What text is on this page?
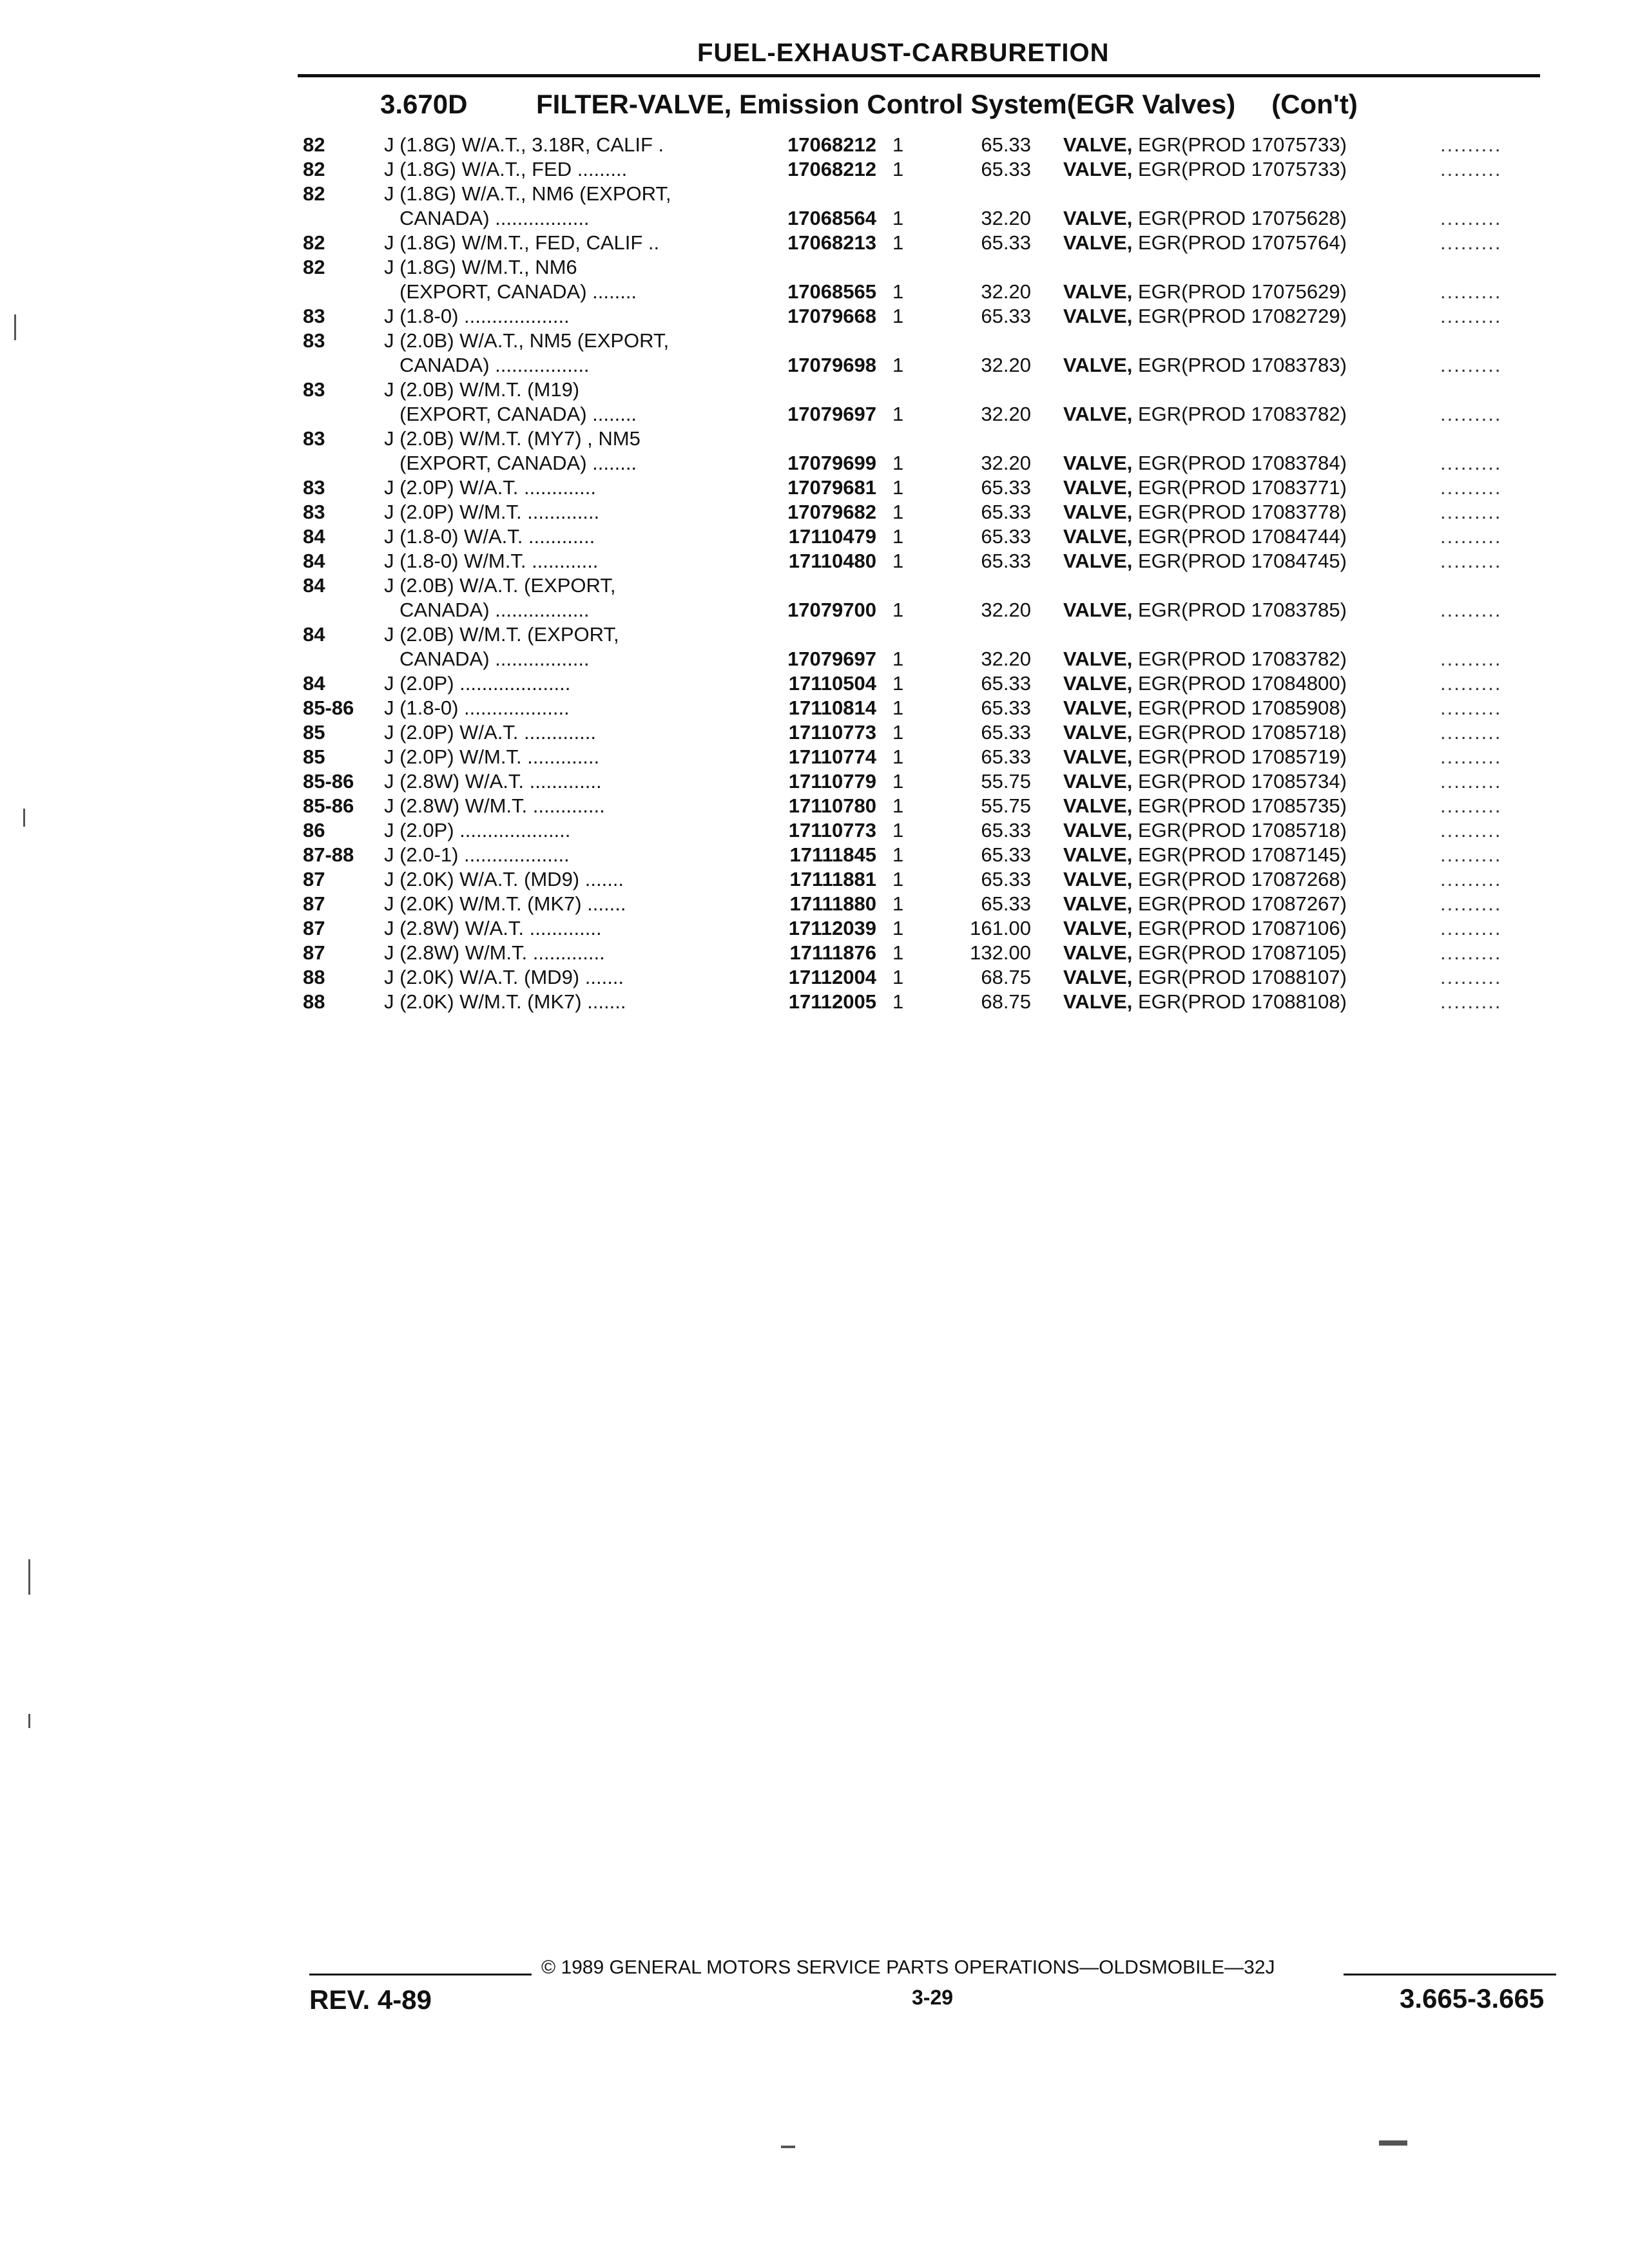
FUEL-EXHAUST-CARBURETION
3.670D	FILTER-VALVE, Emission Control System(EGR Valves) (Con't)
82	J (1.8G) W/A.T., 3.18R, CALIF .	17068212 1	65.33 VALVE, EGR(PROD 17075733)	.........
82	J (1.8G) W/A.T., FED .........	17068212 1	65.33 VALVE, EGR(PROD 17075733)	.........
82	J (1.8G) W/A.T., NM6 (EXPORT,
CANADA) .................	17068564 1	32.20 VALVE, EGR(PROD 17075628)	.........
82	J (1.8G) W/M.T., FED, CALIF ..	17068213 1	65.33 VALVE, EGR(PROD 17075764)	.........
82	J (1.8G) W/M.T., NM6
(EXPORT, CANADA) ........	17068565 1	32.20 VALVE, EGR(PROD 17075629)	.........
83	J (1.8-0) ...................	17079668 1	65.33 VALVE, EGR(PROD 17082729)	.........
83	J (2.0B) W/A.T., NM5 (EXPORT,
CANADA) .................	17079698 1	32.20 VALVE, EGR(PROD 17083783)	.........
83	J (2.0B) W/M.T. (M19)
(EXPORT, CANADA) ........	17079697 1	32.20 VALVE, EGR(PROD 17083782)	.........
83	J (2.0B) W/M.T. (MY7) , NM5
(EXPORT, CANADA) ........	17079699 1	32.20 VALVE, EGR(PROD 17083784)	.........
83	J (2.0P) W/A.T. .............	17079681 1	65.33 VALVE, EGR(PROD 17083771)	.........
83	J (2.0P) W/M.T. .............	17079682 1	65.33 VALVE, EGR(PROD 17083778)	.........
84	J (1.8-0) W/A.T. ............	17110479 1	65.33 VALVE, EGR(PROD 17084744)	.........
84	J (1.8-0) W/M.T. ............	17110480 1	65.33 VALVE, EGR(PROD 17084745)	.........
84	J (2.0B) W/A.T. (EXPORT,
CANADA) .................	17079700 1	32.20 VALVE, EGR(PROD 17083785)	.........
84	J (2.0B) W/M.T. (EXPORT,
CANADA) .................	17079697 1	32.20 VALVE, EGR(PROD 17083782)	.........
84	J (2.0P) ....................	17110504 1	65.33 VALVE, EGR(PROD 17084800)	.........
85-86	J (1.8-0) ...................	17110814 1	65.33 VALVE, EGR(PROD 17085908)	.........
85	J (2.0P) W/A.T. .............	17110773 1	65.33 VALVE, EGR(PROD 17085718)	.........
85	J (2.0P) W/M.T. .............	17110774 1	65.33 VALVE, EGR(PROD 17085719)	.........
85-86	J (2.8W) W/A.T. .............	17110779 1	55.75 VALVE, EGR(PROD 17085734)	.........
85-86	J (2.8W) W/M.T. .............	17110780 1	55.75 VALVE, EGR(PROD 17085735)	.........
86	J (2.0P) ....................	17110773 1	65.33 VALVE, EGR(PROD 17085718)	.........
87-88	J (2.0-1) ...................	17111845 1	65.33 VALVE, EGR(PROD 17087145)	.........
87	J (2.0K) W/A.T. (MD9) .......	17111881 1	65.33 VALVE, EGR(PROD 17087268)	.........
87	J (2.0K) W/M.T. (MK7) .......	17111880 1	65.33 VALVE, EGR(PROD 17087267)	.........
87	J (2.8W) W/A.T. .............	17112039 1	161.00 VALVE, EGR(PROD 17087106)	.........
87	J (2.8W) W/M.T. .............	17111876 1	132.00 VALVE, EGR(PROD 17087105)	.........
88	J (2.0K) W/A.T. (MD9) .......	17112004 1	68.75 VALVE, EGR(PROD 17088107)	.........
88	J (2.0K) W/M.T. (MK7) .......	17112005 1	68.75 VALVE, EGR(PROD 17088108)	.........
© 1989 GENERAL MOTORS SERVICE PARTS OPERATIONS—OLDSMOBILE—32J
REV. 4-89	3-29	3.665-3.665
